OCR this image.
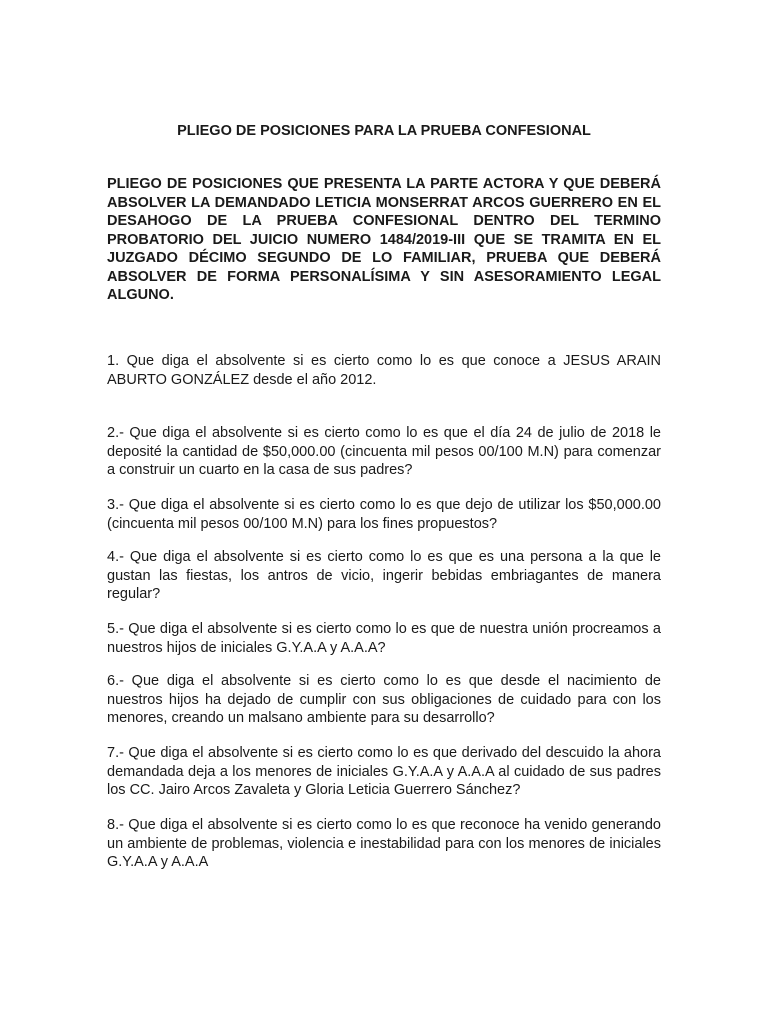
PLIEGO DE POSICIONES PARA LA PRUEBA CONFESIONAL

PLIEGO DE POSICIONES QUE PRESENTA LA PARTE ACTORA Y QUE DEBERÁ ABSOLVER LA DEMANDADO LETICIA MONSERRAT ARCOS GUERRERO EN EL DESAHOGO DE LA PRUEBA CONFESIONAL DENTRO DEL TERMINO PROBATORIO DEL JUICIO NUMERO 1484/2019-III QUE SE TRAMITA EN EL JUZGADO DÉCIMO SEGUNDO DE LO FAMILIAR, PRUEBA QUE DEBERÁ ABSOLVER DE FORMA PERSONALÍSIMA Y SIN ASESORAMIENTO LEGAL ALGUNO.

1. Que diga el absolvente si es cierto como lo es que conoce a JESUS ARAIN ABURTO GONZÁLEZ desde el año 2012.

2.- Que diga el absolvente si es cierto como lo es que el día 24 de julio de 2018 le deposité la cantidad de $50,000.00 (cincuenta mil pesos 00/100 M.N) para comenzar a construir un cuarto en la casa de sus padres?

3.- Que diga el absolvente si es cierto como lo es que dejo de utilizar los $50,000.00 (cincuenta mil pesos 00/100 M.N) para los fines propuestos?

4.- Que diga el absolvente si es cierto como lo es que es una persona a la que le gustan las fiestas, los antros de vicio, ingerir bebidas embriagantes de manera regular?

5.- Que diga el absolvente si es cierto como lo es que de nuestra unión procreamos a nuestros hijos de iniciales G.Y.A.A y A.A.A?

6.- Que diga el absolvente si es cierto como lo es que desde el nacimiento de nuestros hijos ha dejado de cumplir con sus obligaciones de cuidado para con los menores, creando un malsano ambiente para su desarrollo?

7.- Que diga el absolvente si es cierto como lo es que derivado del descuido la ahora demandada deja a los menores de iniciales G.Y.A.A y A.A.A al cuidado de sus padres los CC. Jairo Arcos Zavaleta y Gloria Leticia Guerrero Sánchez?

8.- Que diga el absolvente si es cierto como lo es que reconoce ha venido generando un ambiente de problemas, violencia e inestabilidad para con los menores de iniciales G.Y.A.A y A.A.A
